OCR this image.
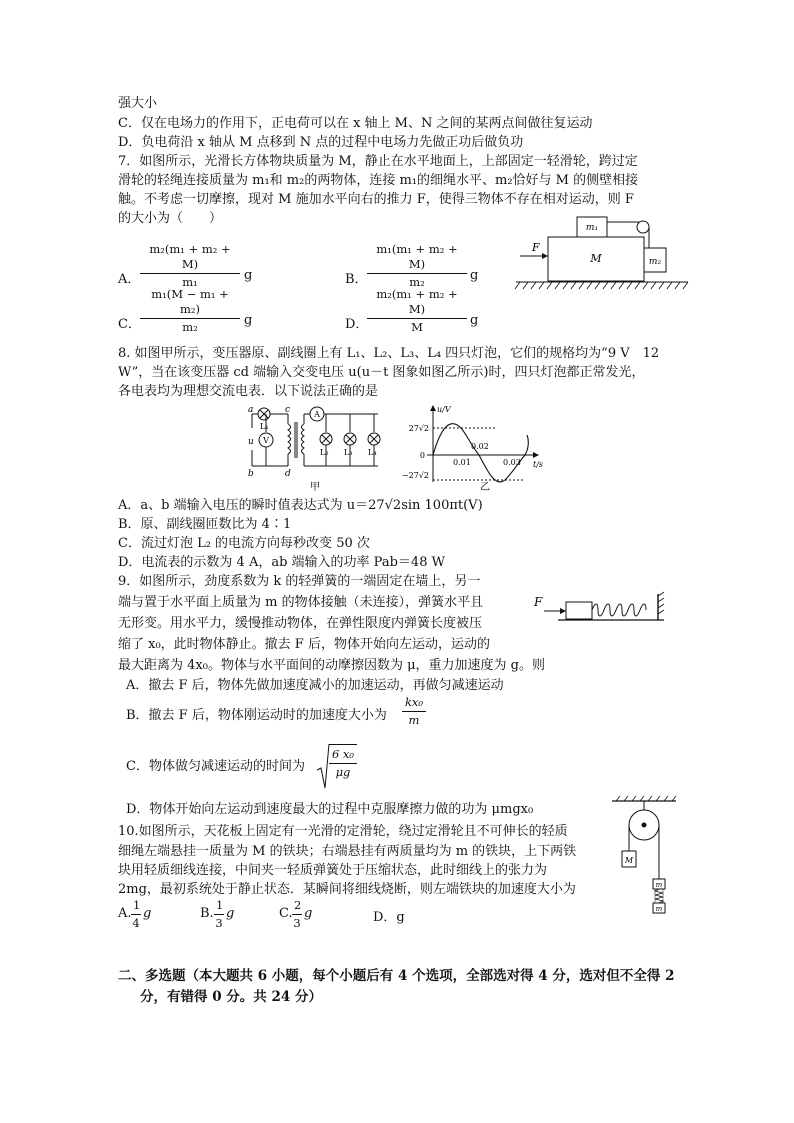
强大小
C．仅在电场力的作用下，正电荷可以在 x 轴上 M、N 之间的某两点间做往复运动
D．负电荷沿 x 轴从 M 点移到 N 点的过程中电场力先做正功后做负功
7．如图所示，光滑长方体物块质量为 M，静止在水平地面上，上部固定一轻滑轮，跨过定
滑轮的轻绳连接质量为 m₁和 m₂的两物体，连接 m₁的细绳水平、m₂恰好与 M 的侧壁相接
触。不考虑一切摩擦，现对 M 施加水平向右的推力 F，使得三物体不存在相对运动，则 F
的大小为（　　）
A． $\frac{\text{m₂(m₁ + m₂ + M)}}{\text{m₁}}$ g	B． $\frac{\text{m₁(m₁ + m₂ + M)}}{\text{m₂}}$ g
C． $\frac{\text{m₁(M − m₁ + m₂)}}{\text{m₂}}$ g	D．
$\frac{\text{m₂(m₁ + m₂ + M)}}{M}$ g
m₁
m₂
M
F
8. 如图甲所示，变压器原、副线圈上有 L₁、L₂、L₃、L₄ 四只灯泡，它们的规格均为“9 V　12
W”，当在该变压器 cd 端输入交变电压 u(u－t 图象如图乙所示)时，四只灯泡都正常发光，
各电表均为理想交流电表．以下说法正确的是
a
b
c
d
u
L₁
V
A
L₂ L₃ L₄
甲
u/V
t/s
0
27√2
−27√2
0.01
0.02
0.03
乙
A．a、b 端输入电压的瞬时值表达式为 u＝27√2sin 100πt(V)
B．原、副线圈匝数比为 4∶1
C．流过灯泡 L₂ 的电流方向每秒改变 50 次
D．电流表的示数为 4 A，ab 端输入的功率 Pab＝48 W
9．如图所示，劲度系数为 k 的轻弹簧的一端固定在墙上，另一
端与置于水平面上质量为 m 的物体接触（未连接），弹簧水平且
无形变。用水平力，缓慢推动物体，在弹性限度内弹簧长度被压
缩了 x₀，此时物体静止。撤去 F 后，物体开始向左运动，运动的
最大距离为 4x₀。物体与水平面间的动摩擦因数为 μ，重力加速度为 g。则
F
A．撤去 F 后，物体先做加速度减小的加速运动，再做匀减速运动
B．撤去 F 后，物体刚运动时的加速度大小为 $\frac{\text{kx₀}}{m}$
C．物体做匀减速运动的时间为 $\frac{\text{6 x₀}}{\mu g}$
D．物体开始向左运动到速度最大的过程中克服摩擦力做的功为 μmgx₀
10.如图所示，天花板上固定有一光滑的定滑轮，绕过定滑轮且不可伸长的轻质
细绳左端悬挂一质量为 M 的铁块；右端悬挂有两质量均为 m 的铁块，上下两铁
块用轻质细线连接，中间夹一轻质弹簧处于压缩状态，此时细线上的张力为
2mg，最初系统处于静止状态．某瞬间将细线烧断，则左端铁块的加速度大小为
A. $\frac{1}{4}$ g	B. $\frac{1}{3}$ g	C. $\frac{2}{3}$ g	D．g
M
m
m
二、多选题（本大题共 6 小题，每个小题后有 4 个选项，全部选对得 4 分，选对但不全得 2
分，有错得 0 分。共 24 分）
